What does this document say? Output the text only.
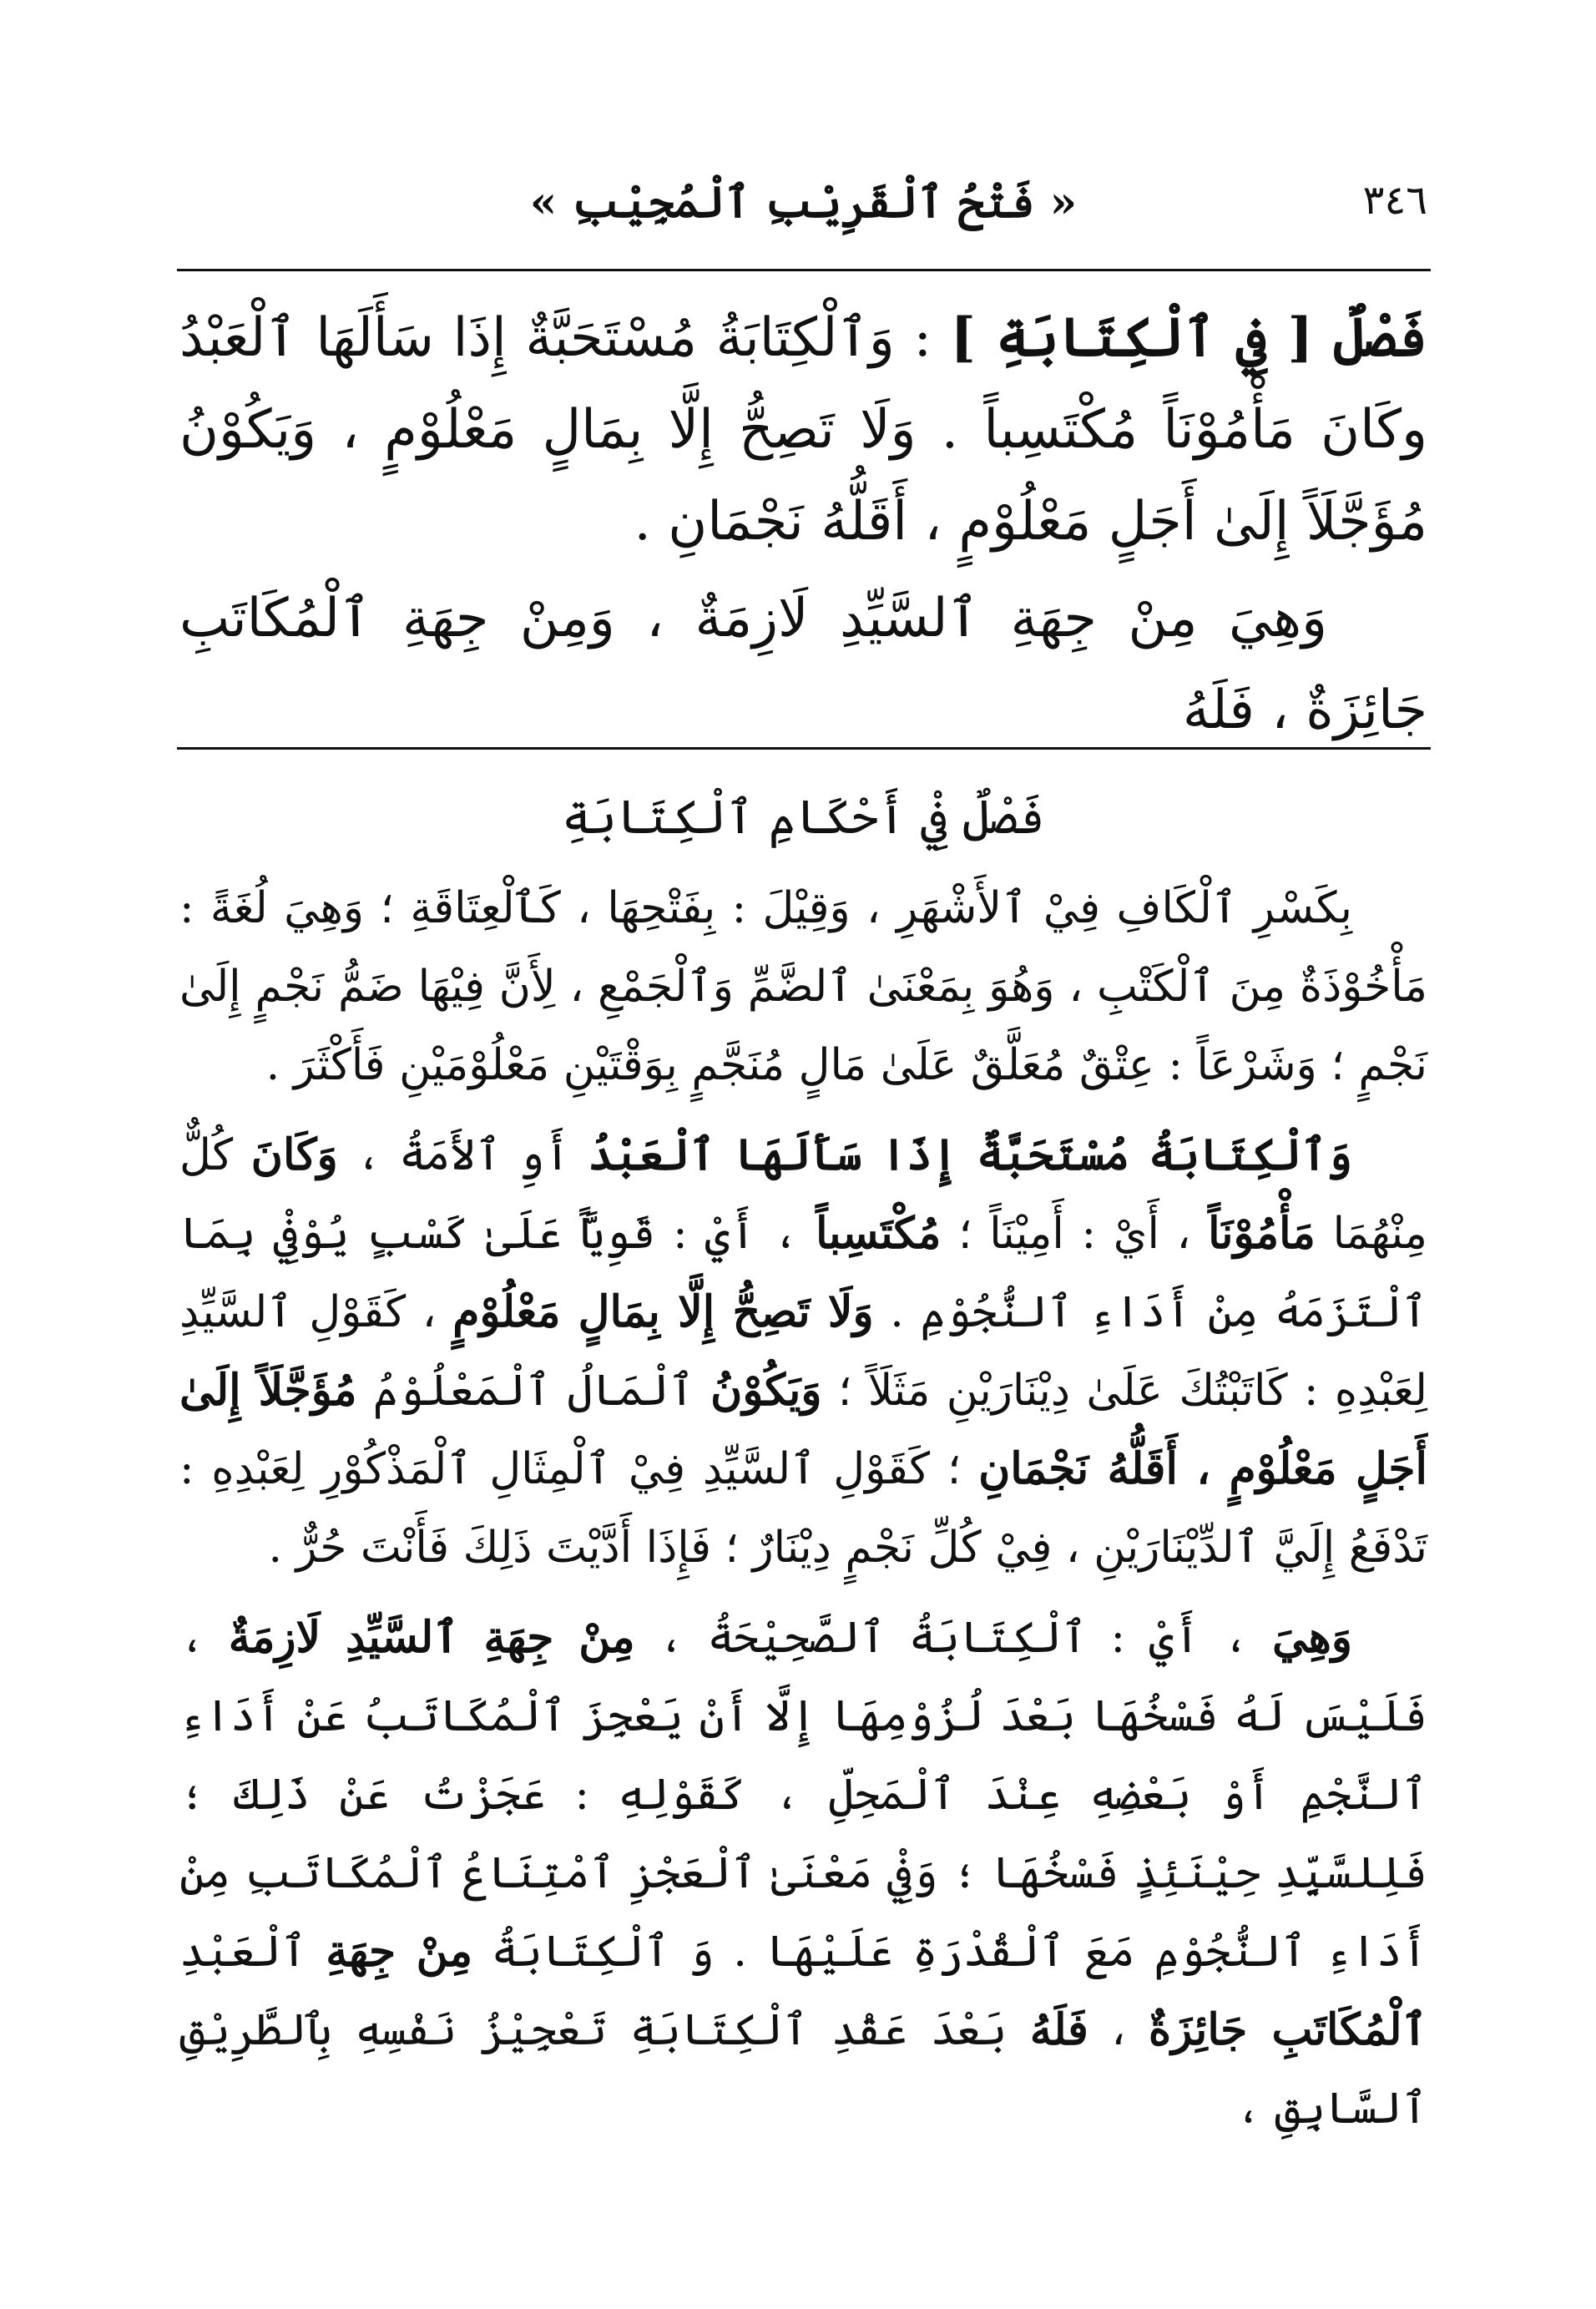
٣٤٦
« فَتْحُ ٱلْقَرِيْبِ ٱلْمُجِيْبِ »

فَصْلٌ [ فِي ٱلْكِتَابَةِ ] : وَٱلْكِتَابَةُ مُسْتَحَبَّةٌ إِذَا سَأَلَهَا ٱلْعَبْدُ وكَانَ مَأْمُوْنَاً مُكْتَسِباً . وَلَا تَصِحُّ إِلَّا بِمَالٍ مَعْلُوْمٍ ، وَيَكُوْنُ مُؤَجَّلَاً إِلَىٰ أَجَلٍ مَعْلُوْمٍ ، أَقَلُّهُ نَجْمَانِ .

وَهِيَ مِنْ جِهَةِ ٱلسَّيِّدِ لَازِمَةٌ ، وَمِنْ جِهَةِ ٱلْمُكَاتَبِ جَائِزَةٌ ، فَلَهُ

فَصْلٌ فِيْ أَحْكَامِ ٱلْكِتَابَةِ

بِكَسْرِ ٱلْكَافِ فِيْ ٱلأَشْهَرِ ، وَقِيْلَ : بِفَتْحِهَا ، كَٱلْعِتَاقَةِ ؛ وَهِيَ لُغَةً : مَأْخُوْذَةٌ مِنَ ٱلْكَتْبِ ، وَهُوَ بِمَعْنَىٰ ٱلضَّمِّ وَٱلْجَمْعِ ، لِأَنَّ فِيْهَا ضَمُّ نَجْمٍ إِلَىٰ نَجْمٍ ؛ وَشَرْعَاً : عِتْقٌ مُعَلَّقٌ عَلَىٰ مَالٍ مُنَجَّمٍ بِوَقْتَيْنِ مَعْلُوْمَيْنِ فَأَكْثَرَ .

وَٱلْكِتَابَةُ مُسْتَحَبَّةٌ إِذَا سَأَلَهَا ٱلْعَبْدُ أَوِ ٱلأَمَةُ ، وَكَانَ كُلٌّ مِنْهُمَا مَأْمُوْنَاً ، أَيْ : أَمِيْنَاً ؛ مُكْتَسِباً ، أَيْ : قَوِيَّاً عَلَىٰ كَسْبٍ يُوْفِيْ بِمَا ٱلْتَزَمَهُ مِنْ أَدَاءِ ٱلنُّجُوْمِ . وَلَا تَصِحُّ إِلَّا بِمَالٍ مَعْلُوْمٍ ، كَقَوْلِ ٱلسَّيِّدِ لِعَبْدِهِ : كَاتَبْتُكَ عَلَىٰ دِيْنَارَيْنِ مَثَلَاً ؛ وَيَكُوْنُ ٱلْمَالُ ٱلْمَعْلُوْمُ مُؤَجَّلَاً إِلَىٰ أَجَلٍ مَعْلُوْمٍ ، أَقَلُّهُ نَجْمَانِ ؛ كَقَوْلِ ٱلسَّيِّدِ فِيْ ٱلْمِثَالِ ٱلْمَذْكُوْرِ لِعَبْدِهِ : تَدْفَعُ إِلَيَّ ٱلدِّيْنَارَيْنِ ، فِيْ كُلِّ نَجْمٍ دِيْنَارٌ ؛ فَإِذَا أَدَّيْتَ ذَلِكَ فَأَنْتَ حُرٌّ .

وَهِيَ ، أَيْ : ٱلْكِتَابَةُ ٱلصَّحِيْحَةُ ، مِنْ جِهَةِ ٱلسَّيِّدِ لَازِمَةٌ ، فَلَيْسَ لَهُ فَسْخُهَا بَعْدَ لُزُوْمِهَا إِلَّا أَنْ يَعْجِزَ ٱلْمُكَاتَبُ عَنْ أَدَاءِ ٱلنَّجْمِ أَوْ بَعْضِهِ عِنْدَ ٱلْمَحِلِّ ، كَقَوْلِهِ : عَجَزْتُ عَنْ ذَلِكَ ؛ فَلِلسَّيِّدِ حِيْنَئِذٍ فَسْخُهَا ؛ وَفِيْ مَعْنَىٰ ٱلْعَجْزِ ٱمْتِنَاعُ ٱلْمُكَاتَبِ مِنْ أَدَاءِ ٱلنُّجُوْمِ مَعَ ٱلْقُدْرَةِ عَلَيْهَا . وَ ٱلْكِتَابَةُ مِنْ جِهَةِ ٱلْعَبْدِ ٱلْمُكَاتَبِ جَائِزَةٌ ، فَلَهُ بَعْدَ عَقْدِ ٱلْكِتَابَةِ تَعْجِيْزُ نَفْسِهِ بِٱلطَّرِيْقِ ٱلسَّابِقِ ،
